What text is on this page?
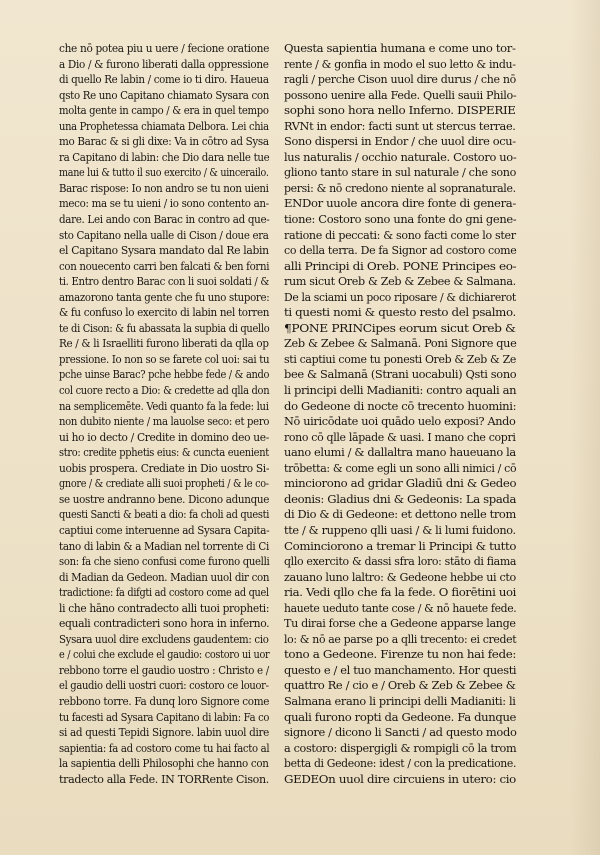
che nō potea piu u uere / fecione oratione
a Dio / & furono liberati dalla oppressione
di quello Re labin / come io ti diro. Haueua
qsto Re uno Capitano chiamato Sysara con
molta gente in campo / & era in quel tempo
una Prophetessa chiamata Delbora. Lei chia
mo Barac & si gli dixe: Va in cōtro ad Sysa
ra Capitano di labin: che Dio dara nelle tue
mane lui & tutto il suo exercito / & uincerailo.
Barac rispose: Io non andro se tu non uieni
meco: ma se tu uieni / io sono contento an-
dare. Lei ando con Barac in contro ad que-
sto Capitano nella ualle di Cison / doue era
el Capitano Sysara mandato dal Re labin
con nouecento carri ben falcati & ben forni
ti. Entro dentro Barac con li suoi soldati / &
amazorono tanta gente che fu uno stupore:
& fu confuso lo exercito di labin nel torren
te di Cison: & fu abassata la supbia di quello
Re / & li Israelliti furono liberati da qlla op
pressione. Io non so se farete col uoi: sai tu
pche uinse Barac? pche hebbe fede / & ando
col cuore recto a Dio: & credette ad qlla don
na semplicemēte. Vedi quanto fa la fede: lui
non dubito niente / ma lauolse seco: et pero
ui ho io decto / Credite in domino deo ue-
stro: credite pphetis eius: & cuncta euenient
uobis prospera. Crediate in Dio uostro Si-
gnore / & crediate alli suoi propheti / & le co-
se uostre andranno bene. Dicono adunque
questi Sancti & beati a dio: fa choli ad questi
captiui come interuenne ad Sysara Capita-
tano di labin & a Madian nel torrente di Ci
son: fa che sieno confusi come furono quelli
di Madian da Gedeon. Madian uuol dir con
tradictione: fa difgti ad costoro come ad quel
li che hāno contradecto alli tuoi propheti:
equali contradicteri sono hora in inferno.
Sysara uuol dire excludens gaudentem: cio
e / colui che exclude el gaudio: costoro ui uor
rebbono torre el gaudio uostro : Christo e /
el gaudio delli uostri cuori: costoro ce louor-
rebbono torre. Fa dunq loro Signore come
tu facesti ad Sysara Capitano di labin: Fa co
si ad questi Tepidi Signore. labin uuol dire
sapientia: fa ad costoro come tu hai facto al
la sapientia delli Philosophi che hanno con
tradecto alla Fede. IN TORRente Cison.
Questa sapientia humana e come uno tor-
rente / & gonfia in modo el suo letto & indu-
ragli / perche Cison uuol dire durus / che nō
possono uenire alla Fede. Quelli sauii Philo-
sophi sono hora nello Inferno. DISPERIE
RVNt in endor: facti sunt ut stercus terrae.
Sono dispersi in Endor / che uuol dire ocu-
lus naturalis / occhio naturale. Costoro uo-
gliono tanto stare in sul naturale / che sono
persi: & nō credono niente al sopranaturale.
ENDor uuole ancora dire fonte di genera-
tione: Costoro sono una fonte do gni gene-
ratione di peccati: & sono facti come lo ster
co della terra. De fa Signor ad costoro come
alli Principi di Oreb. PONE Principes eo-
rum sicut Oreb & Zeb & Zebee & Salmana.
De la sciami un poco riposare / & dichiarerot
ti questi nomi & questo resto del psalmo.
¶PONE PRINCipes eorum sicut Oreb &
Zeb & Zebee & Salmanā. Poni Signore que
sti captiui come tu ponesti Oreb & Zeb & Ze
bee & Salmanā (Strani uocabuli) Qsti sono
li principi delli Madianiti: contro aquali an
do Gedeone di nocte cō trecento huomini:
Nō uiricōdate uoi quādo uelo exposi? Ando
rono cō qlle lāpade & uasi. I mano che copri
uano elumi / & dallaltra mano haueuano la
trōbetta: & come egli un sono alli nimici / cō
minciorono ad gridar Gladiū dni & Gedeo
deonis: Gladius dni & Gedeonis: La spada
di Dio & di Gedeone: et dettono nelle trom
tte / & ruppeno qlli uasi / & li lumi fuidono.
Cominciorono a tremar li Principi & tutto
qllo exercito & dassi sfra loro: stāto di fiama
zauano luno laltro: & Gedeone hebbe ui cto
ria. Vedi qllo che fa la fede. O fiorētini uoi
hauete ueduto tante cose / & nō hauete fede.
Tu dirai forse che a Gedeone apparse lange
lo: & nō ae parse po a qlli trecento: ei credet
tono a Gedeone. Firenze tu non hai fede:
questo e / el tuo manchamento. Hor questi
quattro Re / cio e / Oreb & Zeb & Zebee &
Salmana erano li principi delli Madianiti: li
quali furono ropti da Gedeone. Fa dunque
signore / dicono li Sancti / ad questo modo
a costoro: dispergigli & rompigli cō la trom
betta di Gedeone: idest / con la predicatione.
GEDEOn uuol dire circuiens in utero: cio
